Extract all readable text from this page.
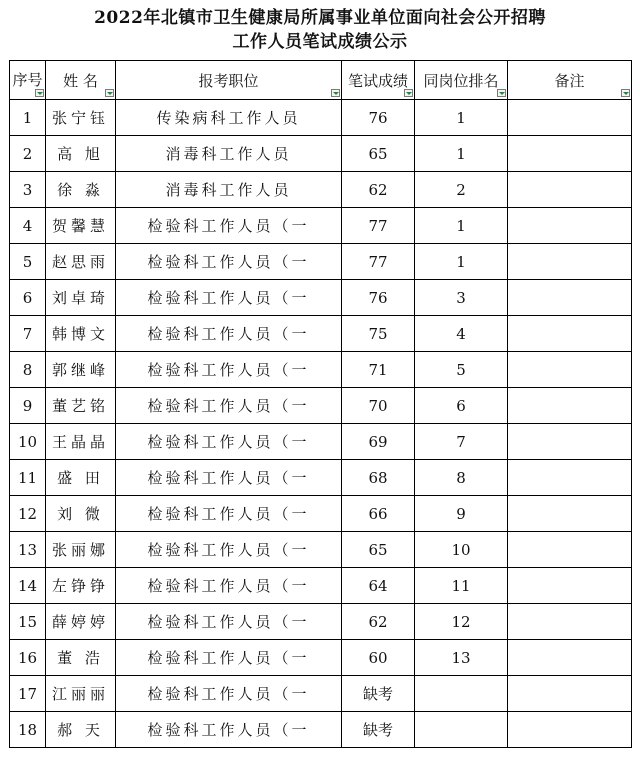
2022年北镇市卫生健康局所属事业单位面向社会公开招聘
工作人员笔试成绩公示
序号	姓 名	报考职位	笔试成绩	同岗位排名	备注

1	张宁钰	传染病科工作人员	76	1	
2	高 旭	消毒科工作人员	65	1	
3	徐 淼	消毒科工作人员	62	2	
4	贺馨慧	检验科工作人员（一	77	1	
5	赵思雨	检验科工作人员（一	77	1	
6	刘卓琦	检验科工作人员（一	76	3	
7	韩博文	检验科工作人员（一	75	4	
8	郭继峰	检验科工作人员（一	71	5	
9	董艺铭	检验科工作人员（一	70	6	
10	王晶晶	检验科工作人员（一	69	7	
11	盛 田	检验科工作人员（一	68	8	
12	刘 微	检验科工作人员（一	66	9	
13	张丽娜	检验科工作人员（一	65	10	
14	左铮铮	检验科工作人员（一	64	11	
15	薛婷婷	检验科工作人员（一	62	12	
16	董 浩	检验科工作人员（一	60	13	
17	江丽丽	检验科工作人员（一	缺考		
18	郝 天	检验科工作人员（一	缺考		
